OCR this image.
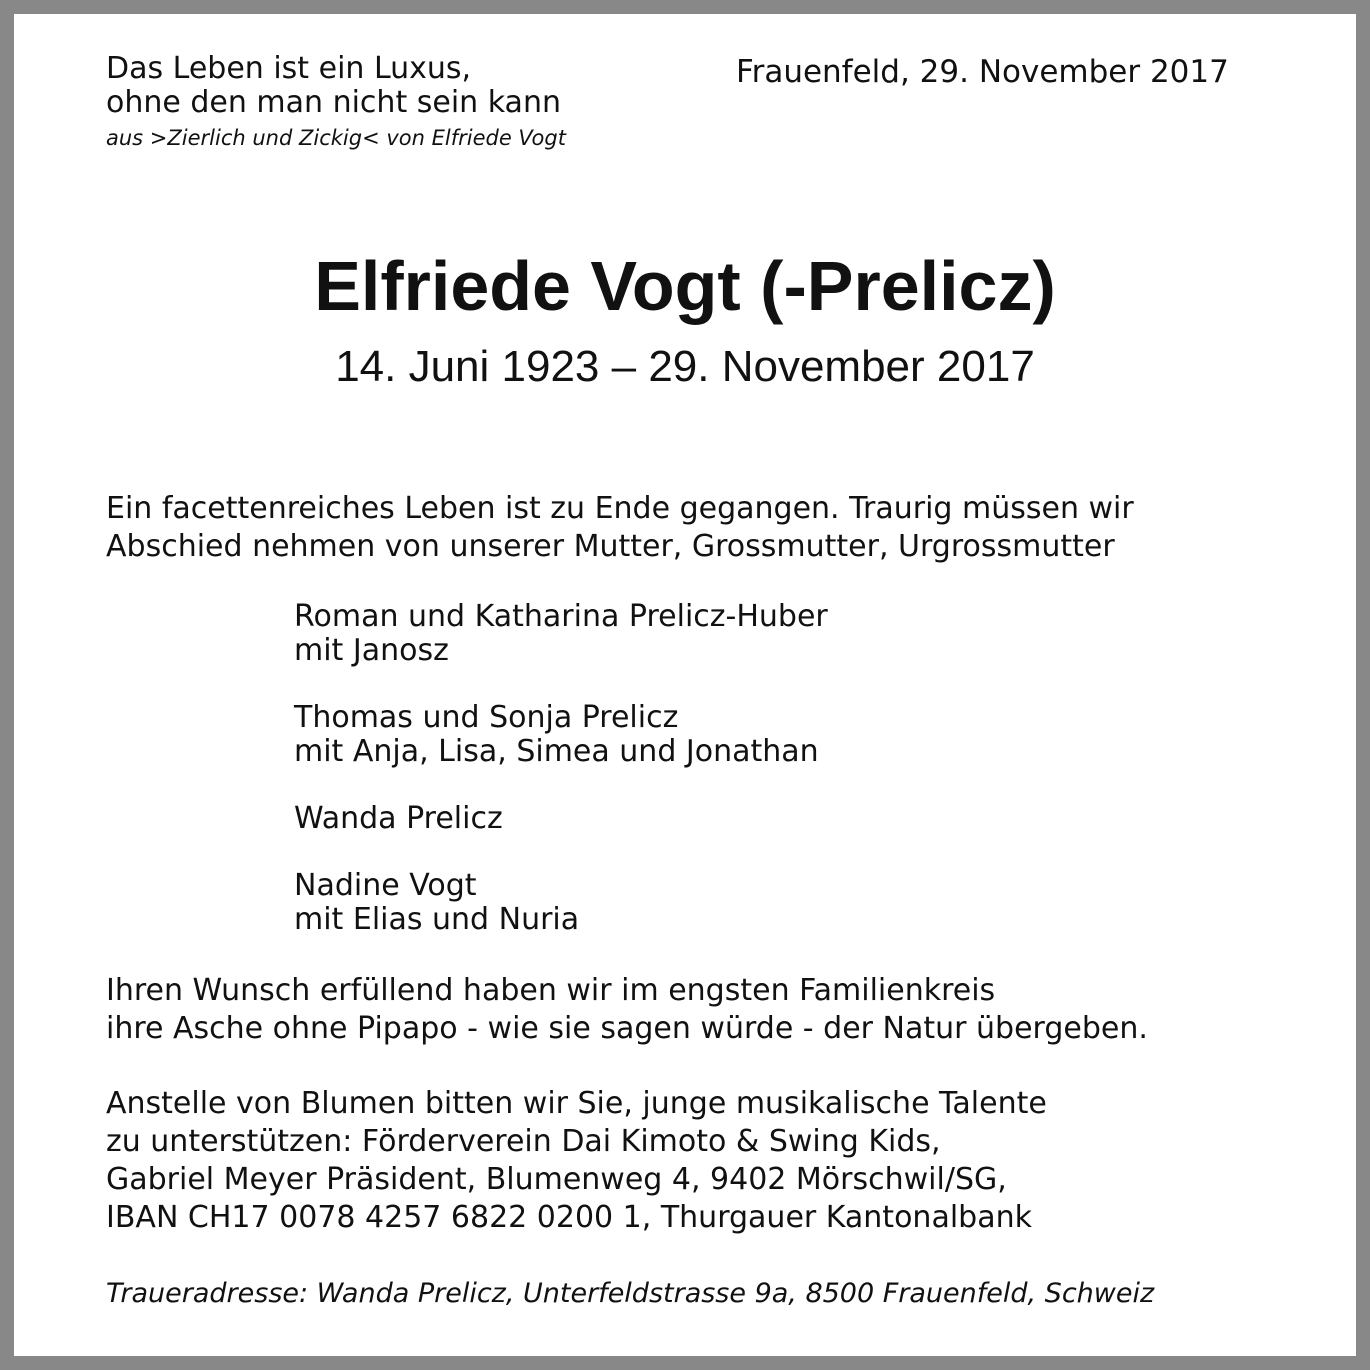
Das Leben ist ein Luxus,
ohne den man nicht sein kann
aus >Zierlich und Zickig< von Elfriede Vogt
Frauenfeld, 29. November 2017
Elfriede Vogt (-Prelicz)
14. Juni 1923 – 29. November 2017
Ein facettenreiches Leben ist zu Ende gegangen. Traurig müssen wir
Abschied nehmen von unserer Mutter, Grossmutter, Urgrossmutter
Roman und Katharina Prelicz-Huber
mit Janosz
Thomas und Sonja Prelicz
mit Anja, Lisa, Simea und Jonathan
Wanda Prelicz
Nadine Vogt
mit Elias und Nuria
Ihren Wunsch erfüllend haben wir im engsten Familienkreis
ihre Asche ohne Pipapo - wie sie sagen würde - der Natur übergeben.
Anstelle von Blumen bitten wir Sie, junge musikalische Talente
zu unterstützen: Förderverein Dai Kimoto & Swing Kids,
Gabriel Meyer Präsident, Blumenweg 4, 9402 Mörschwil/SG,
IBAN CH17 0078 4257 6822 0200 1, Thurgauer Kantonalbank
Traueradresse: Wanda Prelicz, Unterfeldstrasse 9a, 8500 Frauenfeld, Schweiz
